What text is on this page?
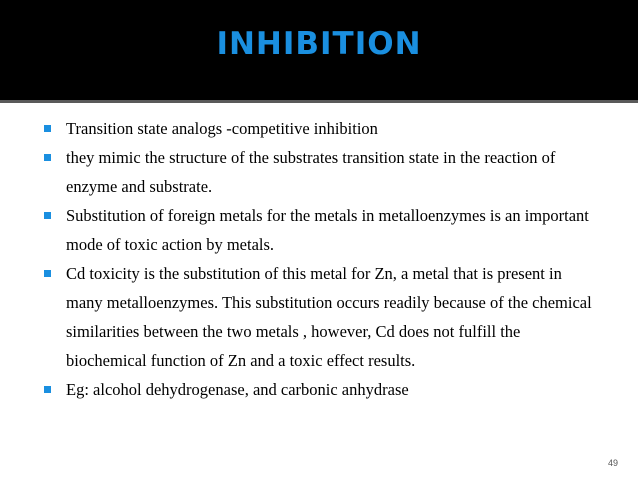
INHIBITION
Transition state analogs -competitive inhibition
they mimic the structure of the substrates transition state in the reaction of enzyme and substrate.
Substitution of foreign metals for the metals in metalloenzymes is an important mode of toxic action by metals.
Cd toxicity is the substitution of this metal for Zn, a metal that is present in many metalloenzymes. This substitution occurs readily because of the chemical similarities between the two metals , however, Cd does not fulfill the biochemical function of Zn and a toxic effect results.
Eg: alcohol dehydrogenase, and carbonic anhydrase
49
